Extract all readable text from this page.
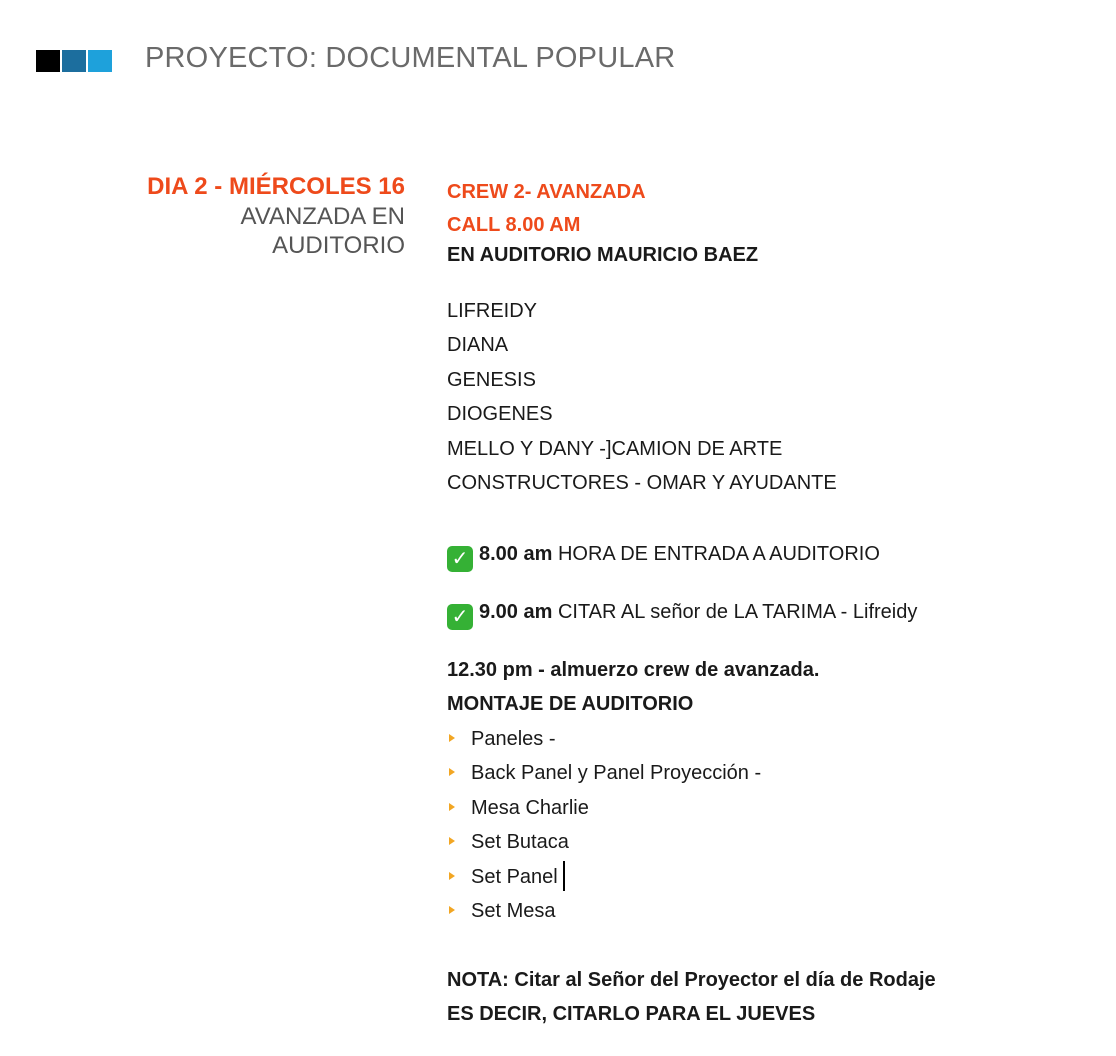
PROYECTO: DOCUMENTAL POPULAR
DIA 2 - MIÉRCOLES 16
AVANZADA EN
AUDITORIO
CREW 2- AVANZADA
CALL 8.00 AM
EN AUDITORIO MAURICIO BAEZ
LIFREIDY
DIANA
GENESIS
DIOGENES
MELLO Y DANY -]CAMION DE ARTE
CONSTRUCTORES - OMAR Y AYUDANTE
✓ 8.00 am HORA DE ENTRADA A AUDITORIO
✓ 9.00 am CITAR AL señor de LA TARIMA - Lifreidy
12.30 pm - almuerzo crew de avanzada.
MONTAJE DE AUDITORIO
Paneles -
Back Panel y Panel Proyección -
Mesa Charlie
Set Butaca
Set Panel
Set Mesa
NOTA: Citar al Señor del Proyector el día de Rodaje
ES DECIR, CITARLO PARA EL JUEVES
